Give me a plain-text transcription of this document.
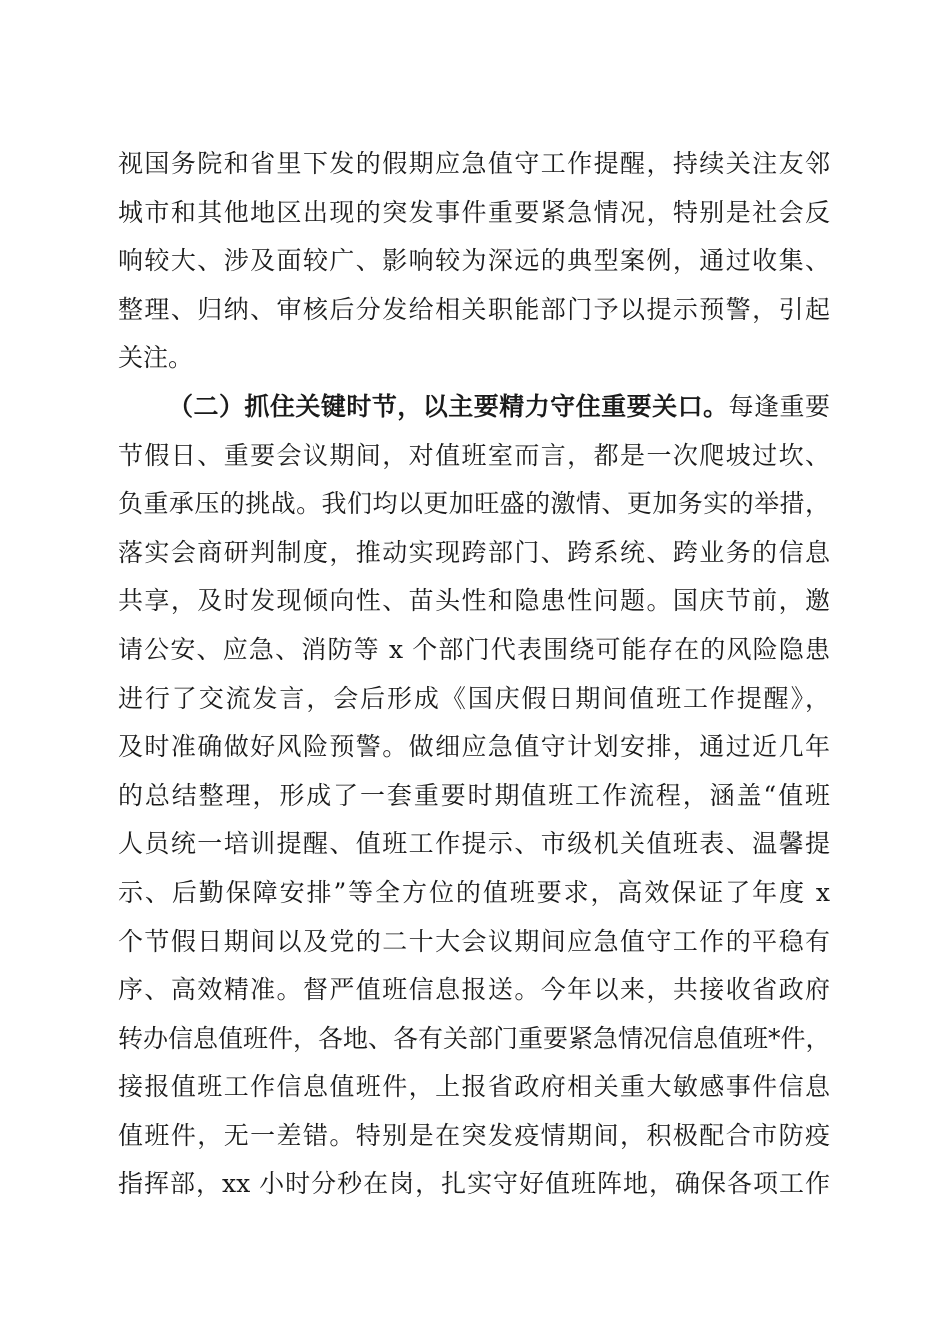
视国务院和省里下发的假期应急值守工作提醒，持续关注友邻
城市和其他地区出现的突发事件重要紧急情况，特别是社会反
响较大、涉及面较广、影响较为深远的典型案例，通过收集、
整理、归纳、审核后分发给相关职能部门予以提示预警，引起
关注。
（二）抓住关键时节，以主要精力守住重要关口。每逢重要
节假日、重要会议期间，对值班室而言，都是一次爬坡过坎、
负重承压的挑战。我们均以更加旺盛的激情、更加务实的举措，
落实会商研判制度，推动实现跨部门、跨系统、跨业务的信息
共享，及时发现倾向性、苗头性和隐患性问题。国庆节前，邀
请公安、应急、消防等 x 个部门代表围绕可能存在的风险隐患
进行了交流发言，会后形成《国庆假日期间值班工作提醒》，
及时准确做好风险预警。做细应急值守计划安排，通过近几年
的总结整理，形成了一套重要时期值班工作流程，涵盖“值班
人员统一培训提醒、值班工作提示、市级机关值班表、温馨提
示、后勤保障安排”等全方位的值班要求，高效保证了年度 x
个节假日期间以及党的二十大会议期间应急值守工作的平稳有
序、高效精准。督严值班信息报送。今年以来，共接收省政府
转办信息值班件，各地、各有关部门重要紧急情况信息值班*件，
接报值班工作信息值班件，上报省政府相关重大敏感事件信息
值班件，无一差错。特别是在突发疫情期间，积极配合市防疫
指挥部，xx 小时分秒在岗，扎实守好值班阵地，确保各项工作
